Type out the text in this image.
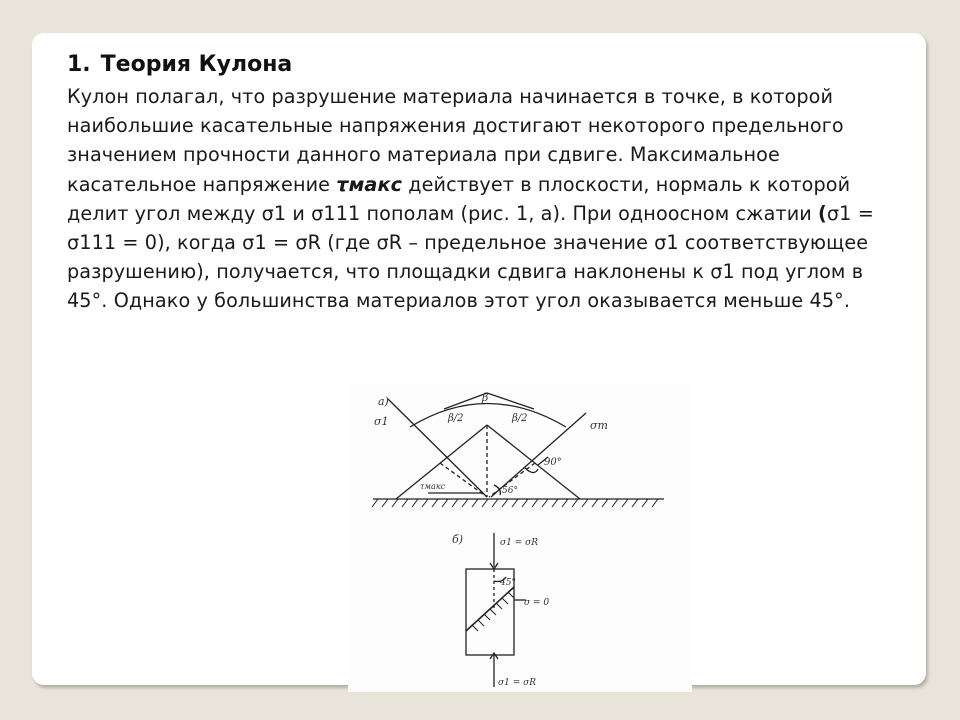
1. Теория Кулона
Кулон полагал, что разрушение материала начинается в точке, в которой наибольшие касательные напряжения достигают некоторого предельного значением прочности данного материала при сдвиге. Максимальное касательное напряжение τмакс действует в плоскости, нормаль к которой делит угол между σ1 и σ111 пополам (рис. 1, а). При одноосном сжатии (σ1 = σ111 = 0), когда σ1 = σR (где σR – предельное значение σ1 соответствующее разрушению), получается, что площадки сдвига наклонены к σ1 под углом в 45°. Однако у большинства материалов этот угол оказывается меньше 45°.
а)
σ1	σm
β
β/2	β/2
90°
56°
τмакс
б)	σ1 = σR
45°
σ = 0
σ1 = σR
